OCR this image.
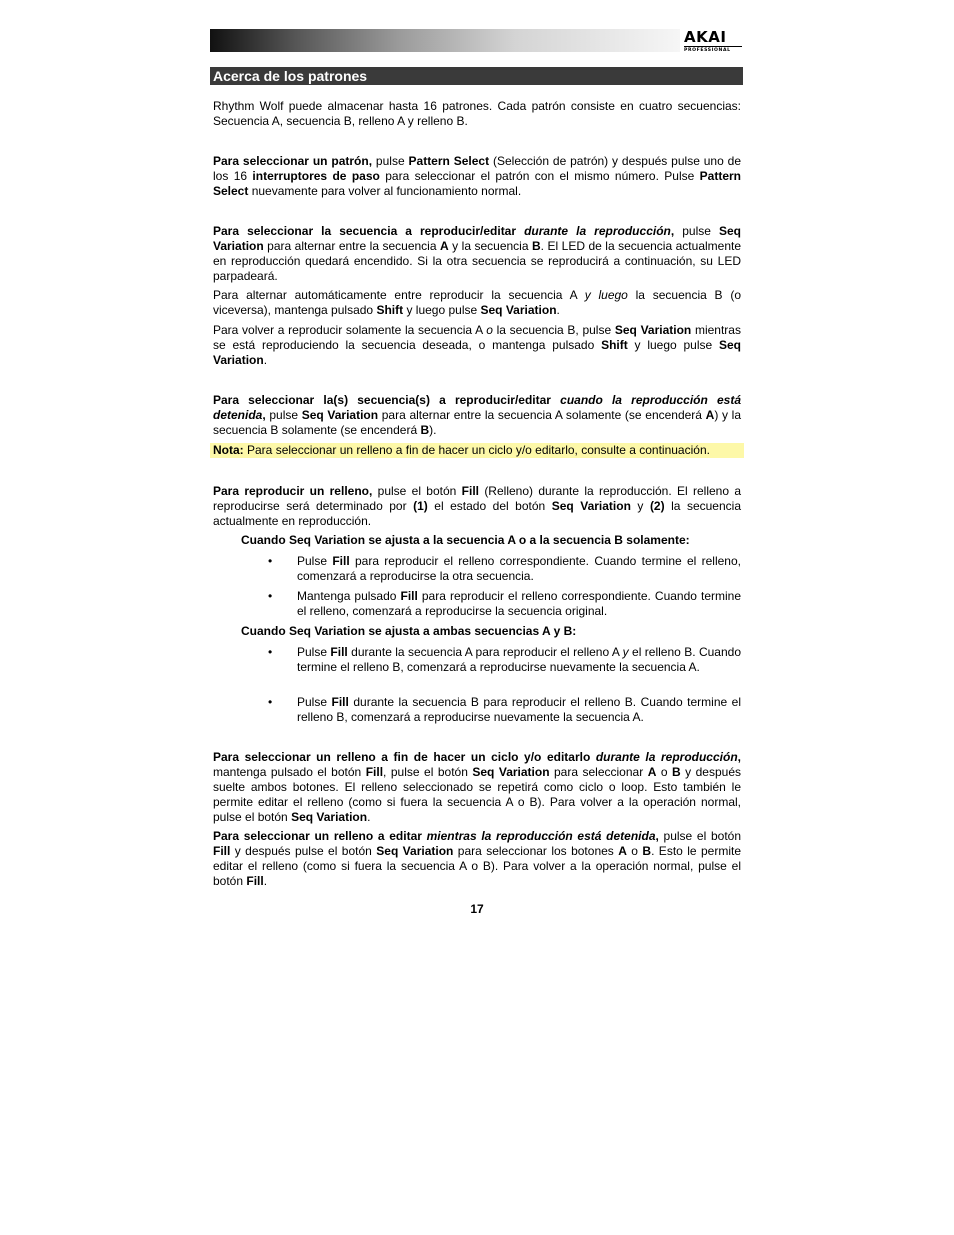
AKAI
PROFESSIONAL
Acerca de los patrones

Rhythm Wolf puede almacenar hasta 16 patrones. Cada patrón consiste en cuatro secuencias: Secuencia A, secuencia B, relleno A y relleno B.

Para seleccionar un patrón, pulse Pattern Select (Selección de patrón) y después pulse uno de los 16 interruptores de paso para seleccionar el patrón con el mismo número. Pulse Pattern Select nuevamente para volver al funcionamiento normal.

Para seleccionar la secuencia a reproducir/editar durante la reproducción, pulse Seq Variation para alternar entre la secuencia A y la secuencia B. El LED de la secuencia actualmente en reproducción quedará encendido. Si la otra secuencia se reproducirá a continuación, su LED parpadeará.

Para alternar automáticamente entre reproducir la secuencia A y luego la secuencia B (o viceversa), mantenga pulsado Shift y luego pulse Seq Variation.

Para volver a reproducir solamente la secuencia A o la secuencia B, pulse Seq Variation mientras se está reproduciendo la secuencia deseada, o mantenga pulsado Shift y luego pulse Seq Variation.

Para seleccionar la(s) secuencia(s) a reproducir/editar cuando la reproducción está detenida, pulse Seq Variation para alternar entre la secuencia A solamente (se encenderá A) y la secuencia B solamente (se encenderá B).

Nota: Para seleccionar un relleno a fin de hacer un ciclo y/o editarlo, consulte a continuación.

Para reproducir un relleno, pulse el botón Fill (Relleno) durante la reproducción. El relleno a reproducirse será determinado por (1) el estado del botón Seq Variation y (2) la secuencia actualmente en reproducción.

Cuando Seq Variation se ajusta a la secuencia A o a la secuencia B solamente:
• Pulse Fill para reproducir el relleno correspondiente. Cuando termine el relleno, comenzará a reproducirse la otra secuencia.
• Mantenga pulsado Fill para reproducir el relleno correspondiente. Cuando termine el relleno, comenzará a reproducirse la secuencia original.
Cuando Seq Variation se ajusta a ambas secuencias A y B:
• Pulse Fill durante la secuencia A para reproducir el relleno A y el relleno B. Cuando termine el relleno B, comenzará a reproducirse nuevamente la secuencia A.
• Pulse Fill durante la secuencia B para reproducir el relleno B. Cuando termine el relleno B, comenzará a reproducirse nuevamente la secuencia A.

Para seleccionar un relleno a fin de hacer un ciclo y/o editarlo durante la reproducción, mantenga pulsado el botón Fill, pulse el botón Seq Variation para seleccionar A o B y después suelte ambos botones. El relleno seleccionado se repetirá como ciclo o loop. Esto también le permite editar el relleno (como si fuera la secuencia A o B). Para volver a la operación normal, pulse el botón Seq Variation.

Para seleccionar un relleno a editar mientras la reproducción está detenida, pulse el botón Fill y después pulse el botón Seq Variation para seleccionar los botones A o B. Esto le permite editar el relleno (como si fuera la secuencia A o B). Para volver a la operación normal, pulse el botón Fill.

17
